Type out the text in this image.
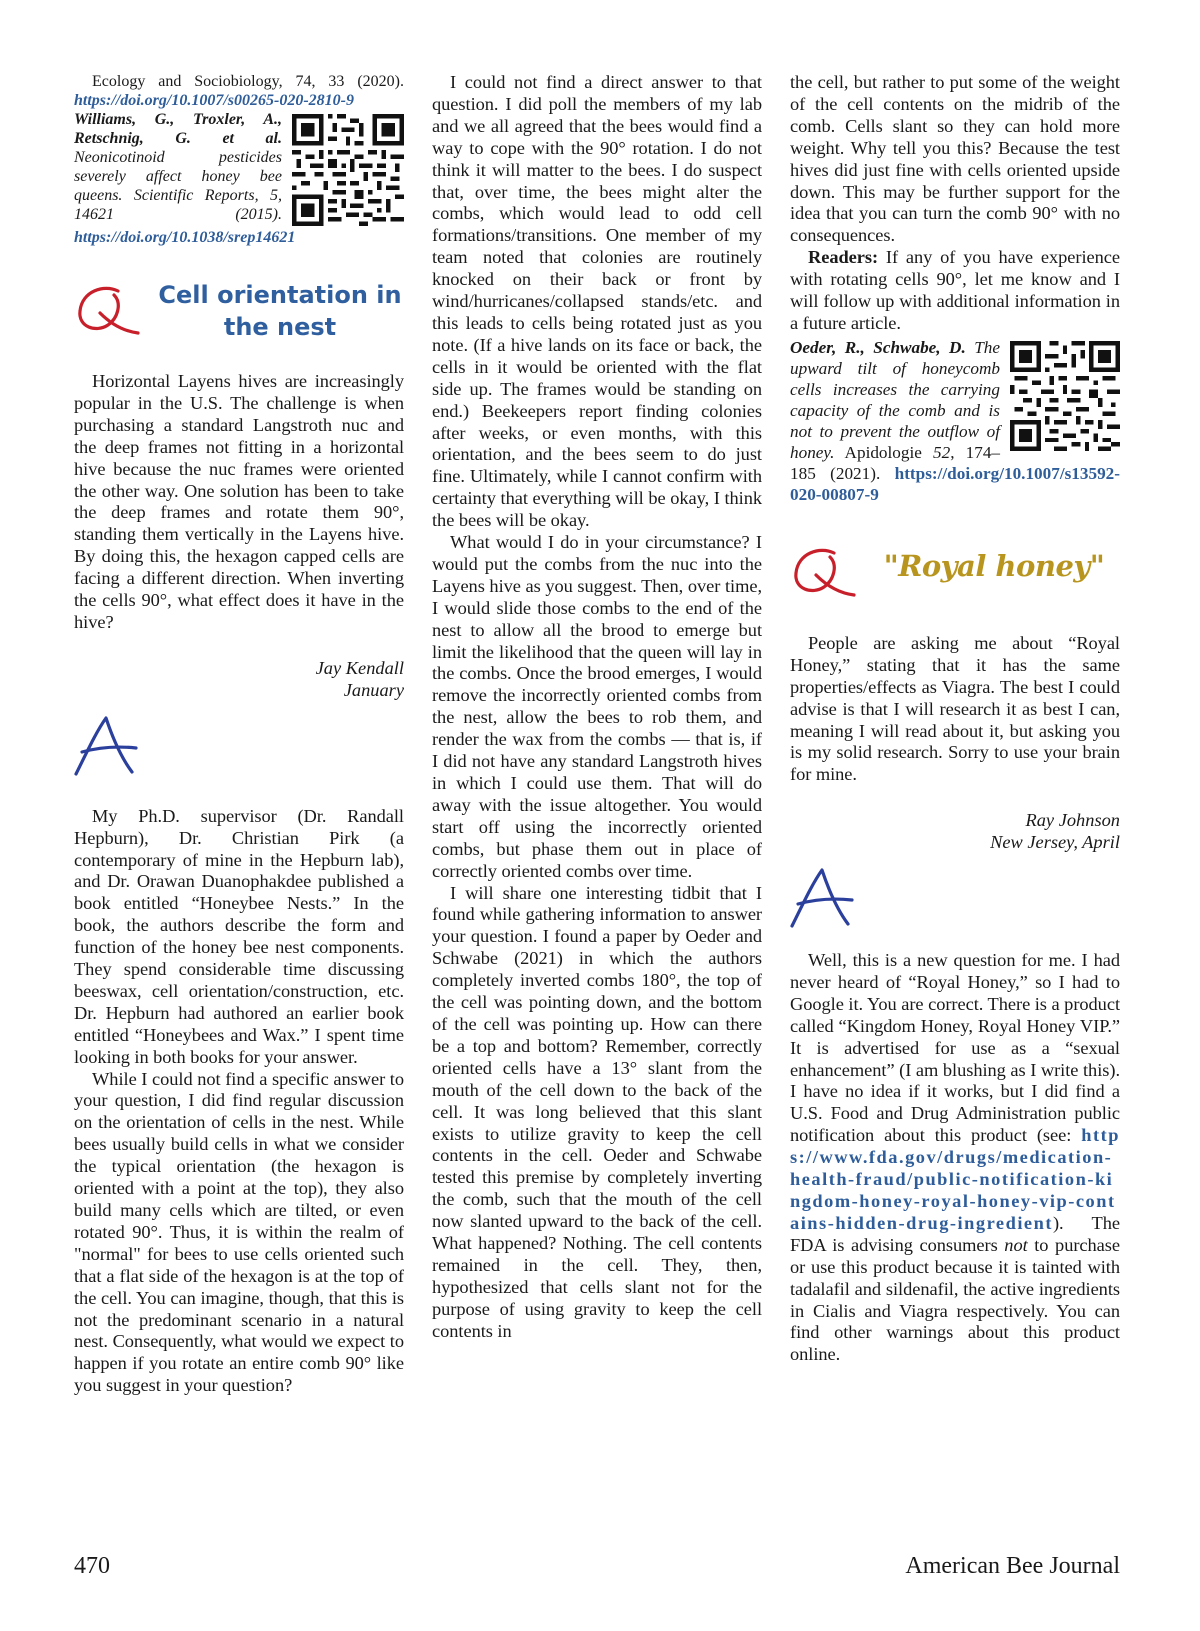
Ecology and Sociobiology, 74, 33 (2020). https://doi.org/10.1007/s00265-020-2810-9

Williams, G., Troxler, A., Retschnig, G. et al. Neonicotinoid pesticides severely affect honey bee queens. Scientific Reports, 5, 14621 (2015). https://doi.org/10.1038/srep14621

Cell orientation in the nest

Horizontal Layens hives are increasingly popular in the U.S. The challenge is when purchasing a standard Langstroth nuc and the deep frames not fitting in a horizontal hive because the nuc frames were oriented the other way. One solution has been to take the deep frames and rotate them 90°, standing them vertically in the Layens hive. By doing this, the hexagon capped cells are facing a different direction. When inverting the cells 90°, what effect does it have in the hive?

Jay Kendall

January

My Ph.D. supervisor (Dr. Randall Hepburn), Dr. Christian Pirk (a contemporary of mine in the Hepburn lab), and Dr. Orawan Duanophakdee published a book entitled “Honeybee Nests.” In the book, the authors describe the form and function of the honey bee nest components. They spend considerable time discussing beeswax, cell orientation/construction, etc. Dr. Hepburn had authored an earlier book entitled “Honeybees and Wax.” I spent time looking in both books for your answer.

While I could not find a specific answer to your question, I did find regular discussion on the orientation of cells in the nest. While bees usually build cells in what we consider the typical orientation (the hexagon is oriented with a point at the top), they also build many cells which are tilted, or even rotated 90°. Thus, it is within the realm of "normal" for bees to use cells oriented such that a flat side of the hexagon is at the top of the cell. You can imagine, though, that this is not the predominant scenario in a natural nest. Consequently, what would we expect to happen if you rotate an entire comb 90° like you suggest in your question?

I could not find a direct answer to that question. I did poll the members of my lab and we all agreed that the bees would find a way to cope with the 90° rotation. I do not think it will matter to the bees. I do suspect that, over time, the bees might alter the combs, which would lead to odd cell formations/transitions. One member of my team noted that colonies are routinely knocked on their back or front by wind/hurricanes/collapsed stands/etc. and this leads to cells being rotated just as you note. (If a hive lands on its face or back, the cells in it would be oriented with the flat side up. The frames would be standing on end.) Beekeepers report finding colonies after weeks, or even months, with this orientation, and the bees seem to do just fine. Ultimately, while I cannot confirm with certainty that everything will be okay, I think the bees will be okay.

What would I do in your circumstance? I would put the combs from the nuc into the Layens hive as you suggest. Then, over time, I would slide those combs to the end of the nest to allow all the brood to emerge but limit the likelihood that the queen will lay in the combs. Once the brood emerges, I would remove the incorrectly oriented combs from the nest, allow the bees to rob them, and render the wax from the combs — that is, if I did not have any standard Langstroth hives in which I could use them. That will do away with the issue altogether. You would start off using the incorrectly oriented combs, but phase them out in place of correctly oriented combs over time.

I will share one interesting tidbit that I found while gathering information to answer your question. I found a paper by Oeder and Schwabe (2021) in which the authors completely inverted combs 180°, the top of the cell was pointing down, and the bottom of the cell was pointing up. How can there be a top and bottom? Remember, correctly oriented cells have a 13° slant from the mouth of the cell down to the back of the cell. It was long believed that this slant exists to utilize gravity to keep the cell contents in the cell. Oeder and Schwabe tested this premise by completely inverting the comb, such that the mouth of the cell now slanted upward to the back of the cell. What happened? Nothing. The cell contents remained in the cell. They, then, hypothesized that cells slant not for the purpose of using gravity to keep the cell contents in

the cell, but rather to put some of the weight of the cell contents on the midrib of the comb. Cells slant so they can hold more weight. Why tell you this? Because the test hives did just fine with cells oriented upside down. This may be further support for the idea that you can turn the comb 90° with no consequences.

Readers: If any of you have experience with rotating cells 90°, let me know and I will follow up with additional information in a future article.

Oeder, R., Schwabe, D. The upward tilt of honeycomb cells increases the carrying capacity of the comb and is not to prevent the outflow of honey. Apidologie 52, 174–185 (2021). https://doi.org/10.1007/s13592-020-00807-9

"Royal honey"

People are asking me about “Royal Honey,” stating that it has the same properties/effects as Viagra. The best I could advise is that I will research it as best I can, meaning I will read about it, but asking you is my solid research. Sorry to use your brain for mine.

Ray Johnson

New Jersey, April

Well, this is a new question for me. I had never heard of “Royal Honey,” so I had to Google it. You are correct. There is a product called “Kingdom Honey, Royal Honey VIP.” It is advertised for use as a “sexual enhancement” (I am blushing as I write this). I have no idea if it works, but I did find a U.S. Food and Drug Administration public notification about this product (see: https://www.fda.gov/drugs/medication-health-fraud/public-notification-kingdom-honey-royal-honey-vip-contains-hidden-drug-ingredient). The FDA is advising consumers not to purchase or use this product because it is tainted with tadalafil and sildenafil, the active ingredients in Cialis and Viagra respectively. You can find other warnings about this product online.

470	American Bee Journal
